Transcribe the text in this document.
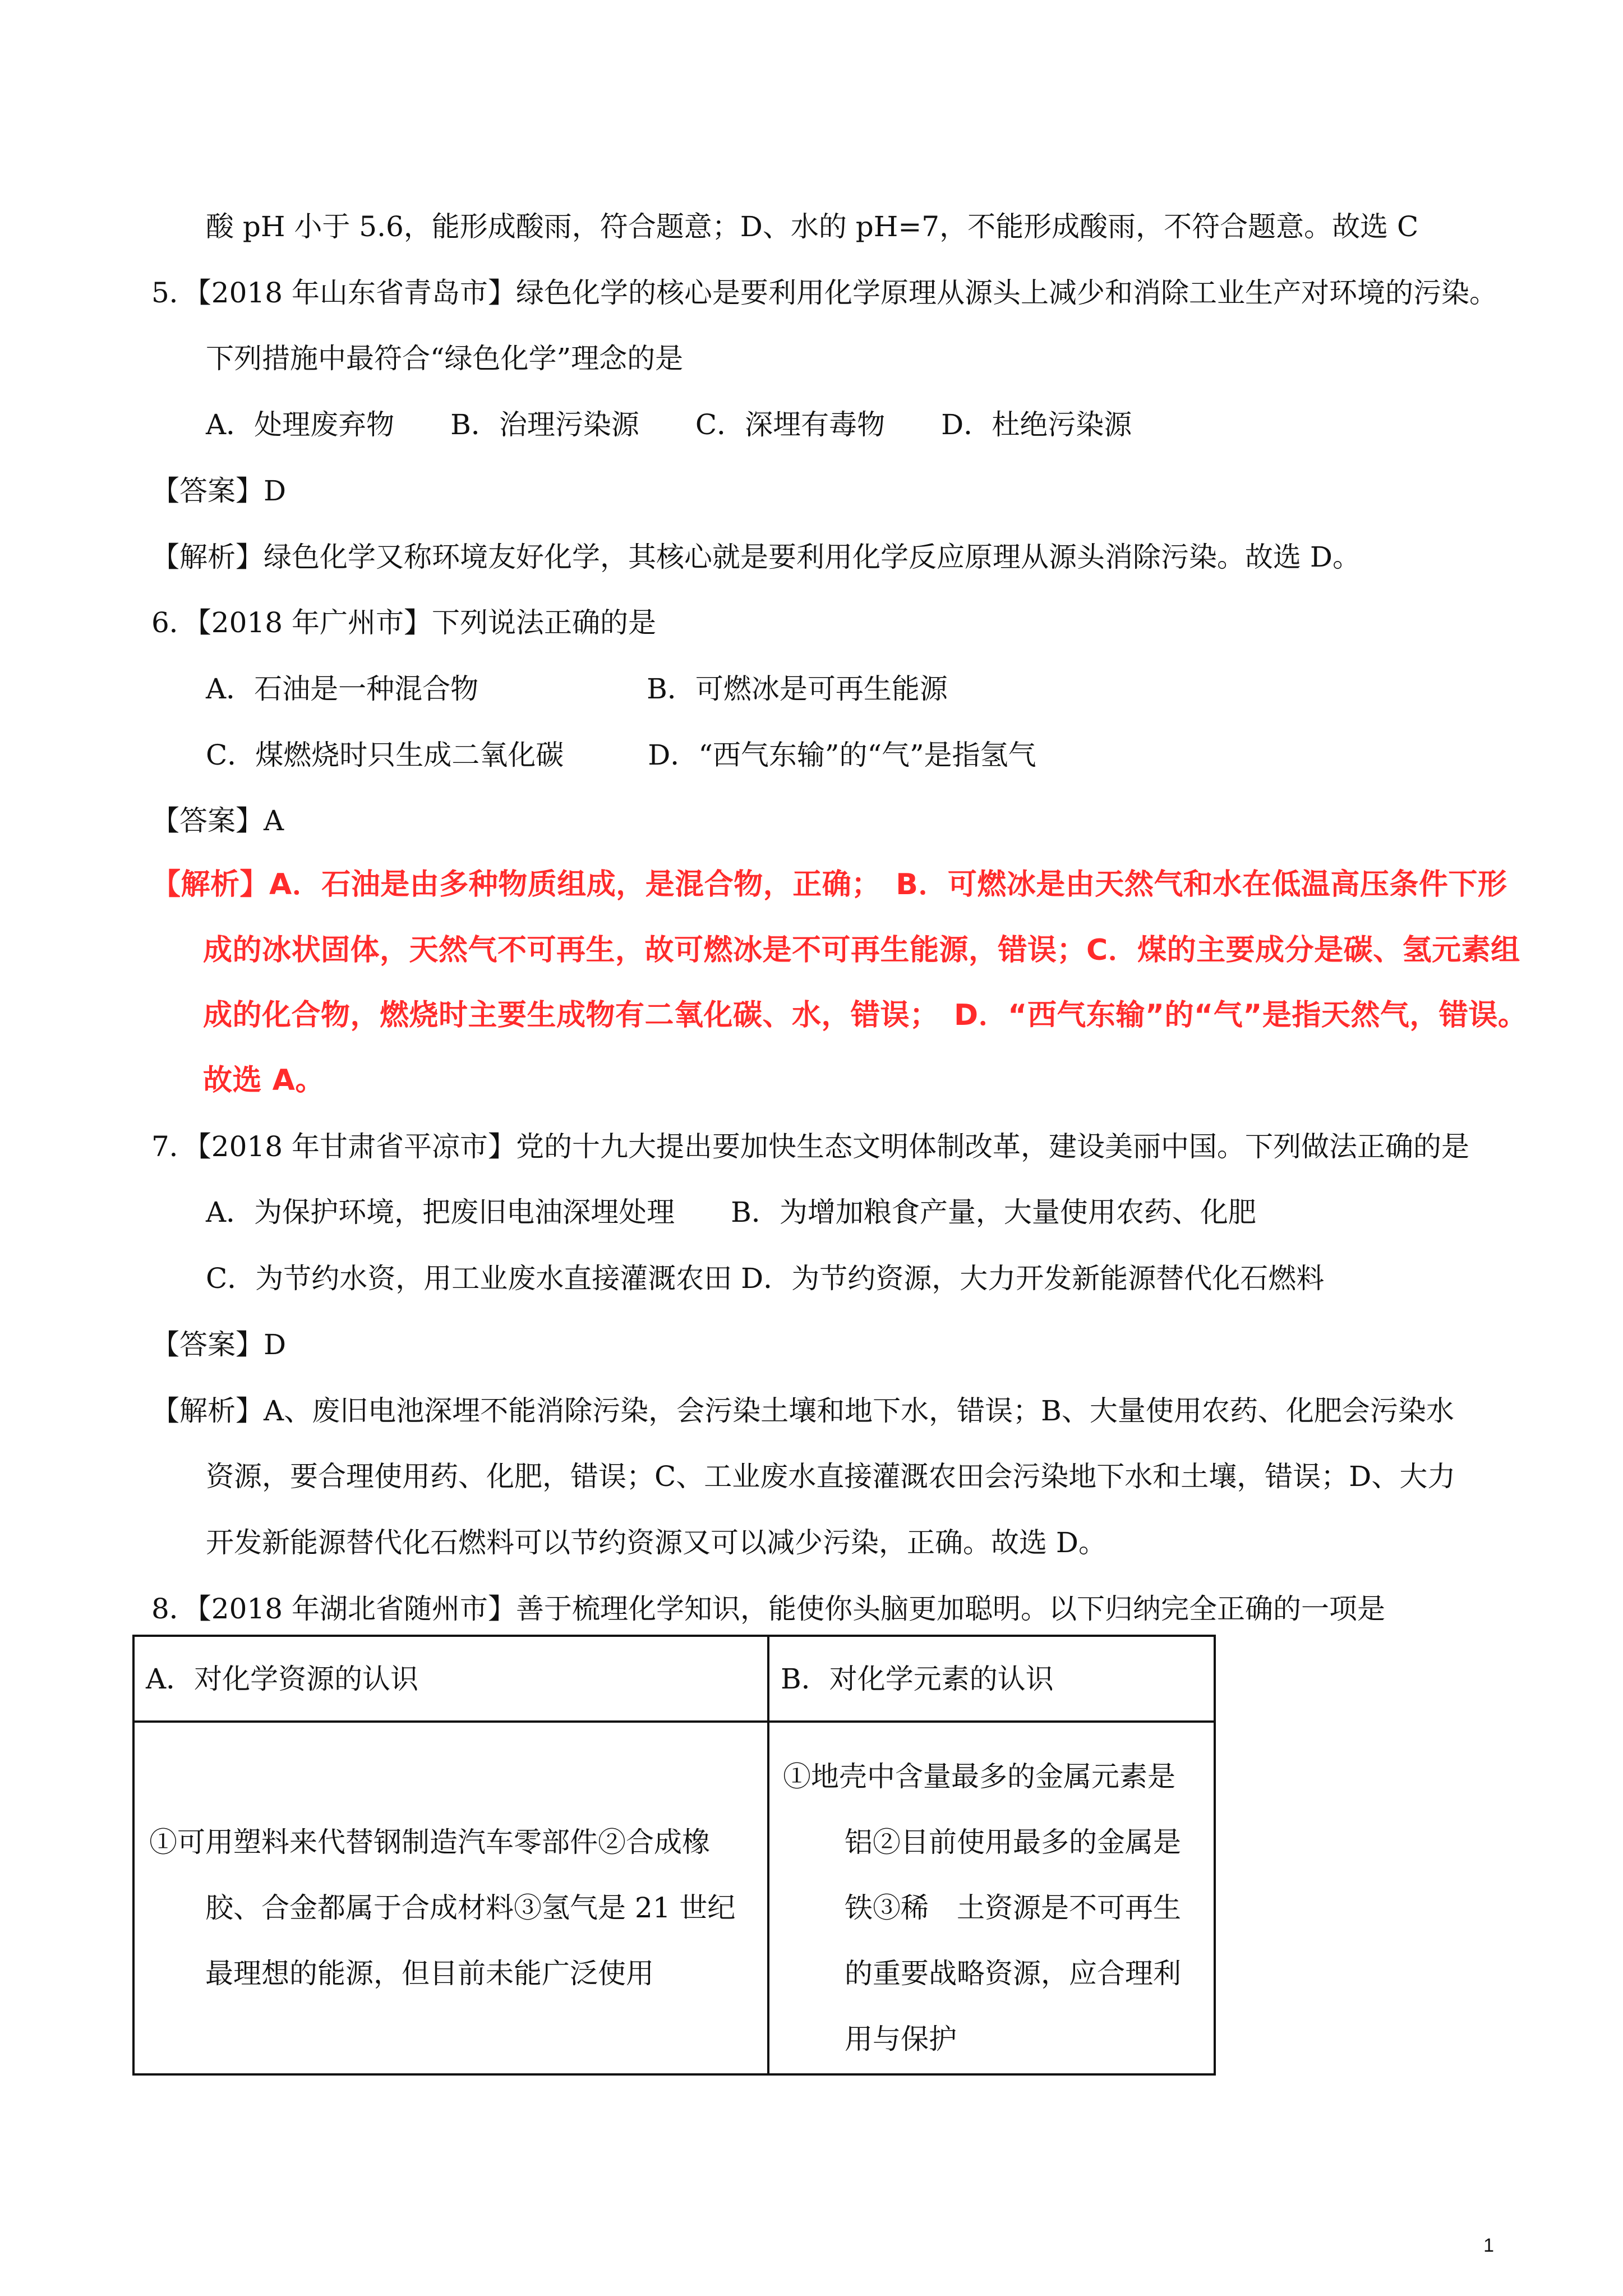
酸 pH 小于 5.6，能形成酸雨，符合题意；D、水的 pH=7，不能形成酸雨，不符合题意。故选 C
5．【2018 年山东省青岛市】绿色化学的核心是要利用化学原理从源头上减少和消除工业生产对环境的污染。
下列措施中最符合“绿色化学”理念的是
A．处理废弃物　　B．治理污染源　　C．深埋有毒物　　D．杜绝污染源
【答案】D
【解析】绿色化学又称环境友好化学，其核心就是要利用化学反应原理从源头消除污染。故选 D。
6．【2018 年广州市】下列说法正确的是
A．石油是一种混合物　　　　　　B．可燃冰是可再生能源
C．煤燃烧时只生成二氧化碳　　　D．“西气东输”的“气”是指氢气
【答案】A
【解析】A．石油是由多种物质组成，是混合物，正确；　B．可燃冰是由天然气和水在低温高压条件下形
成的冰状固体，天然气不可再生，故可燃冰是不可再生能源，错误；C．煤的主要成分是碳、氢元素组
成的化合物，燃烧时主要生成物有二氧化碳、水，错误；　D．“西气东输”的“气”是指天然气，错误。
故选 A。
7．【2018 年甘肃省平凉市】党的十九大提出要加快生态文明体制改革，建设美丽中国。下列做法正确的是
A．为保护环境，把废旧电油深埋处理　　B．为增加粮食产量，大量使用农药、化肥
C．为节约水资，用工业废水直接灌溉农田 D．为节约资源，大力开发新能源替代化石燃料
【答案】D
【解析】A、废旧电池深埋不能消除污染，会污染土壤和地下水，错误；B、大量使用农药、化肥会污染水
资源，要合理使用药、化肥，错误；C、工业废水直接灌溉农田会污染地下水和土壤，错误；D、大力
开发新能源替代化石燃料可以节约资源又可以减少污染，正确。故选 D。
8．【2018 年湖北省随州市】善于梳理化学知识，能使你头脑更加聪明。以下归纳完全正确的一项是
A．对化学资源的认识	B．对化学元素的认识
①可用塑料来代替钢制造汽车零部件②合成橡
胶、合金都属于合成材料③氢气是 21 世纪
最理想的能源，但目前未能广泛使用
①地壳中含量最多的金属元素是
铝②目前使用最多的金属是
铁③稀　土资源是不可再生
的重要战略资源，应合理利
用与保护
1
